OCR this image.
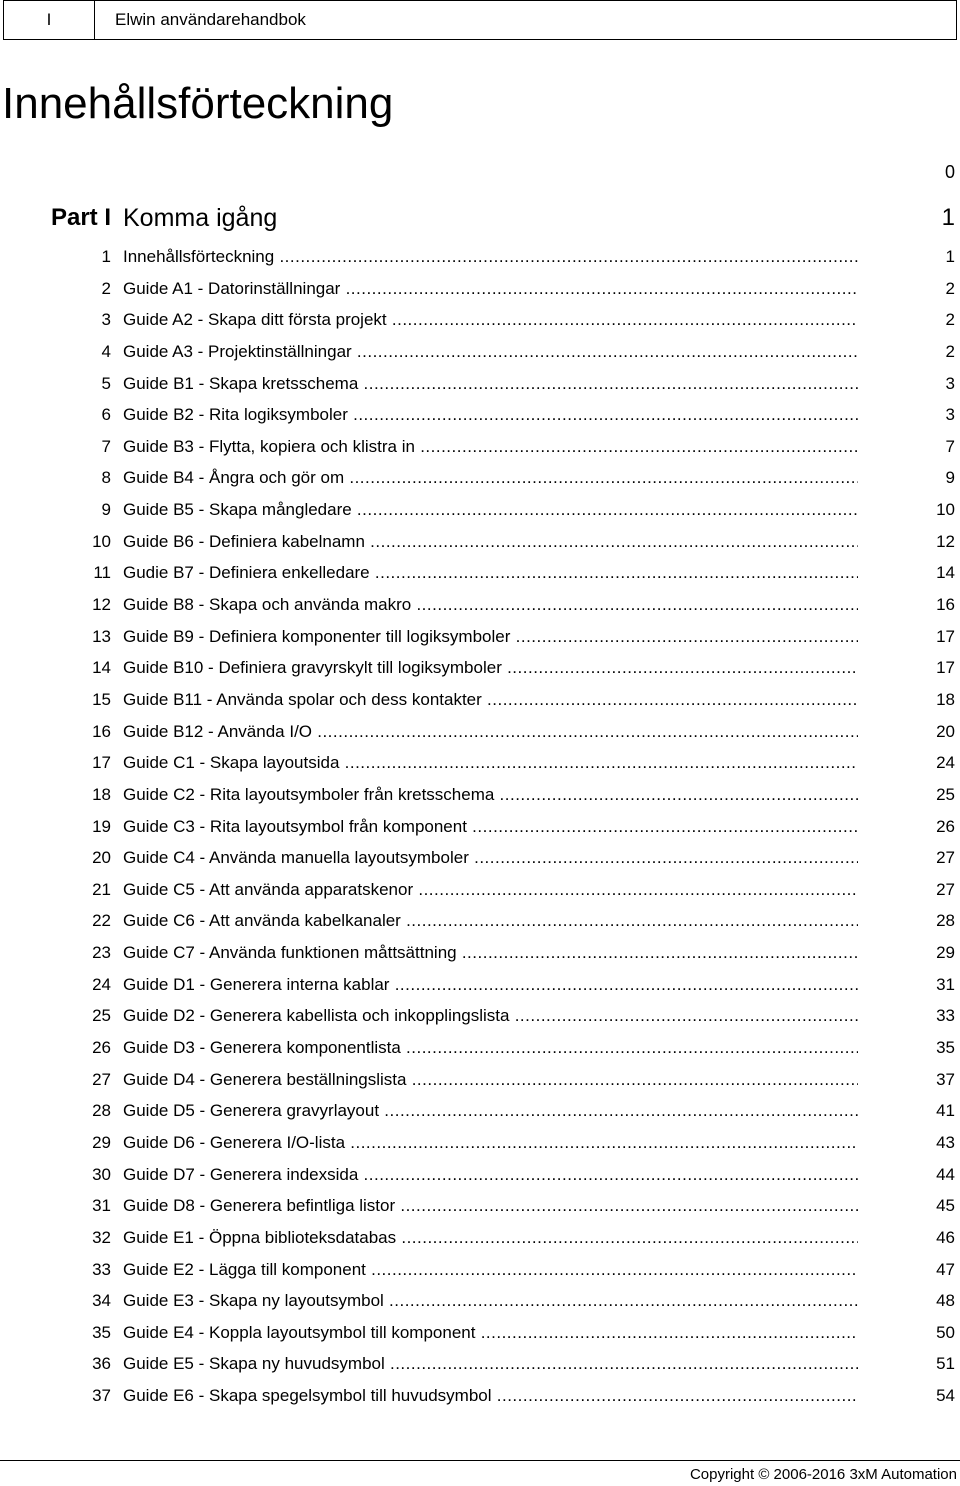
I	Elwin användarehandbok
Innehållsförteckning
0
Part I Komma igång	1
1 Innehållsförteckning .....	1
2 Guide A1 - Datorinställningar .....	2
3 Guide A2 - Skapa ditt första projekt .....	2
4 Guide A3 - Projektinställningar .....	2
5 Guide B1 - Skapa kretsschema .....	3
6 Guide B2 - Rita logiksymboler .....	3
7 Guide B3 - Flytta, kopiera och klistra in .....	7
8 Guide B4 - Ångra och gör om .....	9
9 Guide B5 - Skapa mångledare .....	10
10 Guide B6 - Definiera kabelnamn .....	12
11 Gudie B7 - Definiera enkelledare .....	14
12 Guide B8 - Skapa och använda makro .....	16
13 Guide B9 - Definiera komponenter till logiksymboler .....	17
14 Guide B10 - Definiera gravyrskylt till logiksymboler .....	17
15 Guide B11 - Använda spolar och dess kontakter .....	18
16 Guide B12 - Använda I/O .....	20
17 Guide C1 - Skapa layoutsida .....	24
18 Guide C2 - Rita layoutsymboler från kretsschema .....	25
19 Guide C3 - Rita layoutsymbol från komponent .....	26
20 Guide C4 - Använda manuella layoutsymboler .....	27
21 Guide C5 - Att använda apparatskenor .....	27
22 Guide C6 - Att använda kabelkanaler .....	28
23 Guide C7 - Använda funktionen måttsättning .....	29
24 Guide D1 - Generera interna kablar .....	31
25 Guide D2 - Generera kabellista och inkopplingslista .....	33
26 Guide D3 - Generera komponentlista .....	35
27 Guide D4 - Generera beställningslista .....	37
28 Guide D5 - Generera gravyrlayout .....	41
29 Guide D6 - Generera I/O-lista .....	43
30 Guide D7 - Generera indexsida .....	44
31 Guide D8 - Generera befintliga listor .....	45
32 Guide E1 - Öppna biblioteksdatabas .....	46
33 Guide E2 - Lägga till komponent .....	47
34 Guide E3 - Skapa ny layoutsymbol .....	48
35 Guide E4 - Koppla layoutsymbol till komponent .....	50
36 Guide E5 - Skapa ny huvudsymbol .....	51
37 Guide E6 - Skapa spegelsymbol till huvudsymbol .....	54
Copyright © 2006-2016 3xM Automation
